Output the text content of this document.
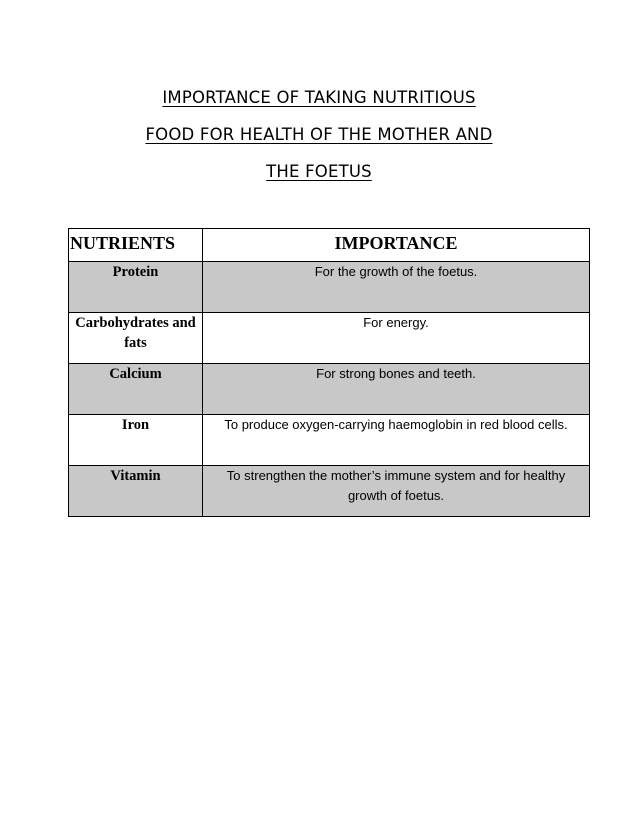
IMPORTANCE OF TAKING NUTRITIOUS
FOOD FOR HEALTH OF THE MOTHER AND
THE FOETUS
NUTRIENTS	IMPORTANCE
Protein	For the growth of the foetus.
Carbohydrates and fats	For energy.
Calcium	For strong bones and teeth.
Iron	To produce oxygen-carrying haemoglobin in red blood cells.
Vitamin	To strengthen the mother’s immune system and for healthy growth of foetus.
